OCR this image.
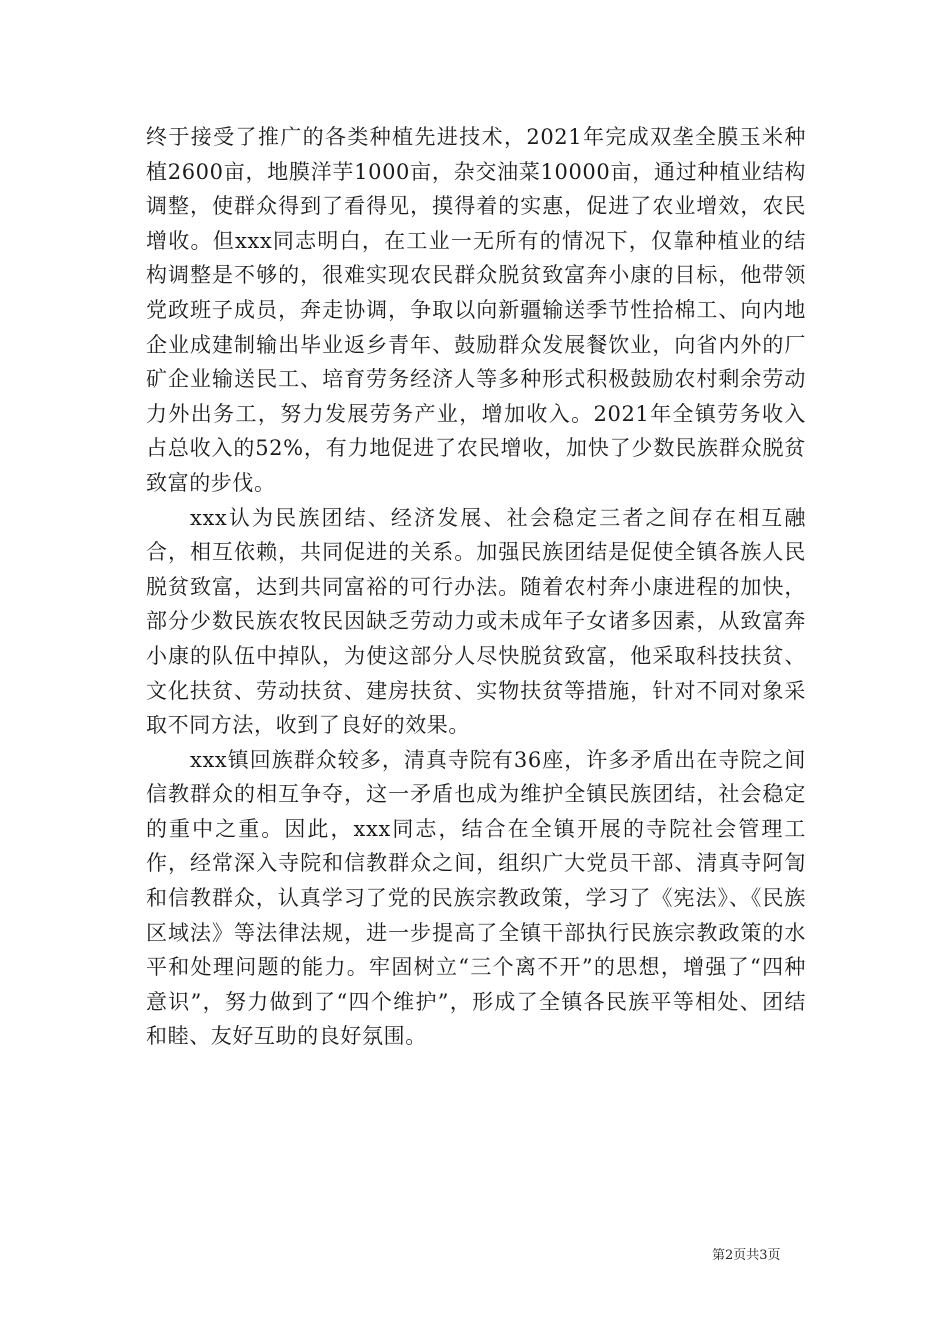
终于接受了推广的各类种植先进技术，2021年完成双垄全膜玉米种植2600亩，地膜洋芋1000亩，杂交油菜10000亩，通过种植业结构调整，使群众得到了看得见，摸得着的实惠，促进了农业增效，农民增收。但xxx同志明白，在工业一无所有的情况下，仅靠种植业的结构调整是不够的，很难实现农民群众脱贫致富奔小康的目标，他带领党政班子成员，奔走协调，争取以向新疆输送季节性拾棉工、向内地企业成建制输出毕业返乡青年、鼓励群众发展餐饮业，向省内外的厂矿企业输送民工、培育劳务经济人等多种形式积极鼓励农村剩余劳动力外出务工，努力发展劳务产业，增加收入。2021年全镇劳务收入占总收入的52%，有力地促进了农民增收，加快了少数民族群众脱贫致富的步伐。

xxx认为民族团结、经济发展、社会稳定三者之间存在相互融合，相互依赖，共同促进的关系。加强民族团结是促使全镇各族人民脱贫致富，达到共同富裕的可行办法。随着农村奔小康进程的加快，部分少数民族农牧民因缺乏劳动力或未成年子女诸多因素，从致富奔小康的队伍中掉队，为使这部分人尽快脱贫致富，他采取科技扶贫、文化扶贫、劳动扶贫、建房扶贫、实物扶贫等措施，针对不同对象采取不同方法，收到了良好的效果。

xxx镇回族群众较多，清真寺院有36座，许多矛盾出在寺院之间信教群众的相互争夺，这一矛盾也成为维护全镇民族团结，社会稳定的重中之重。因此，xxx同志，结合在全镇开展的寺院社会管理工作，经常深入寺院和信教群众之间，组织广大党员干部、清真寺阿訇和信教群众，认真学习了党的民族宗教政策，学习了《宪法》、《民族区域法》等法律法规，进一步提高了全镇干部执行民族宗教政策的水平和处理问题的能力。牢固树立“三个离不开”的思想，增强了“四种意识”，努力做到了“四个维护”，形成了全镇各民族平等相处、团结和睦、友好互助的良好氛围。

第2页共3页
